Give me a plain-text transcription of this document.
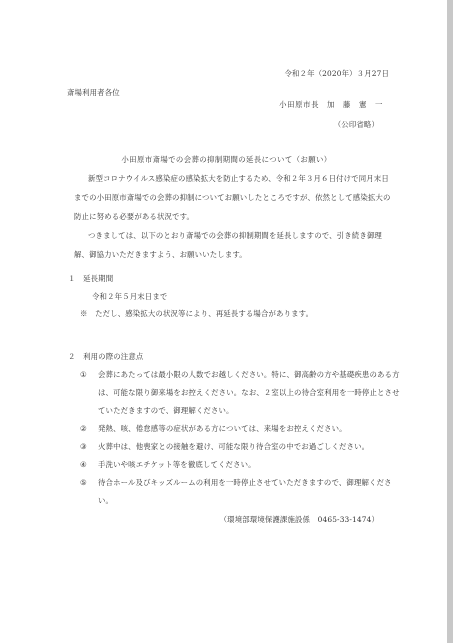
令和２年（2020年）３月27日
斎場利用者各位
小田原市長　加　藤　憲　一
（公印省略）
小田原市斎場での会葬の抑制期間の延長について（お願い）
新型コロナウイルス感染症の感染拡大を防止するため、令和２年３月６日付けで同月末日までの小田原市斎場での会葬の抑制についてお願いしたところですが、依然として感染拡大の防止に努める必要がある状況です。
つきましては、以下のとおり斎場での会葬の抑制期間を延長しますので、引き続き御理解、御協力いただきますよう、お願いいたします。
１　延長期間
令和２年５月末日まで
※　ただし、感染拡大の状況等により、再延長する場合があります。
２　利用の際の注意点
① 会葬にあたっては最小限の人数でお越しください。特に、御高齢の方や基礎疾患のある方は、可能な限り御来場をお控えください。なお、２室以上の待合室利用を一時停止とさせていただきますので、御理解ください。
② 発熱、咳、倦怠感等の症状がある方については、来場をお控えください。
③ 火葬中は、他喪家との接触を避け、可能な限り待合室の中でお過ごしください。
④ 手洗いや咳エチケット等を徹底してください。
⑤ 待合ホール及びキッズルームの利用を一時停止させていただきますので、御理解ください。
（環境部環境保護課施設係　0465-33-1474）
